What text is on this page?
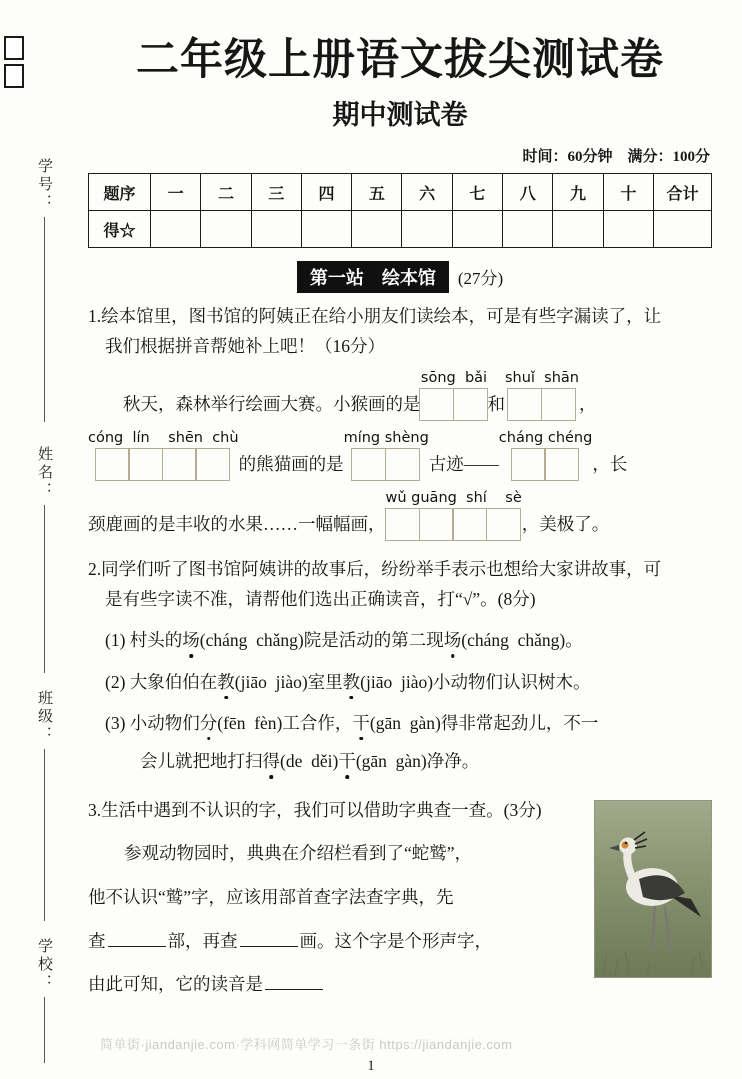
学号：
姓名：
班级：
学校：
二年级上册语文拔尖测试卷
期中测试卷
时间：60分钟　满分：100分
题序	一	二	三	四	五	六	七	八	九	十	合计
得☆											
第一站　绘本馆 (27分)

1.绘本馆里，图书馆的阿姨正在给小朋友们读绘本，可是有些字漏读了，让

我们根据拼音帮她补上吧！（16分）

秋天，森林举行绘画大赛。小猴画的是
sōng  bǎi
和
shuǐ  shān
，
cóng  lín    shēn  chù
的熊猫画的是
míng shèng
古迹——
cháng chéng
，长
颈鹿画的是丰收的水果……一幅幅画，
wǔ guāng  shí    sè
，美极了。

2.同学们听了图书馆阿姨讲的故事后，纷纷举手表示也想给大家讲故事，可

是有些字读不准，请帮他们选出正确读音，打“√”。(8分)

(1) 村头的场(cháng  chǎng)院是活动的第二现场(cháng  chǎng)。

(2) 大象伯伯在教(jiāo  jiào)室里教(jiāo  jiào)小动物们认识树木。

(3) 小动物们分(fēn  fèn)工合作，干(gān  gàn)得非常起劲儿，不一

会儿就把地打扫得(de  děi)干(gān  gàn)净净。

3.生活中遇到不认识的字，我们可以借助字典查一查。(3分)

参观动物园时，典典在介绍栏看到了“蛇鹫”，

他不认识“鹫”字，应该用部首查字法查字典，先

查	部，再查	画。这个字是个形声字，

由此可知，它的读音是

简单街·jiandanjie.com·学科网简单学习一条街 https://jiandanjie.com
1
